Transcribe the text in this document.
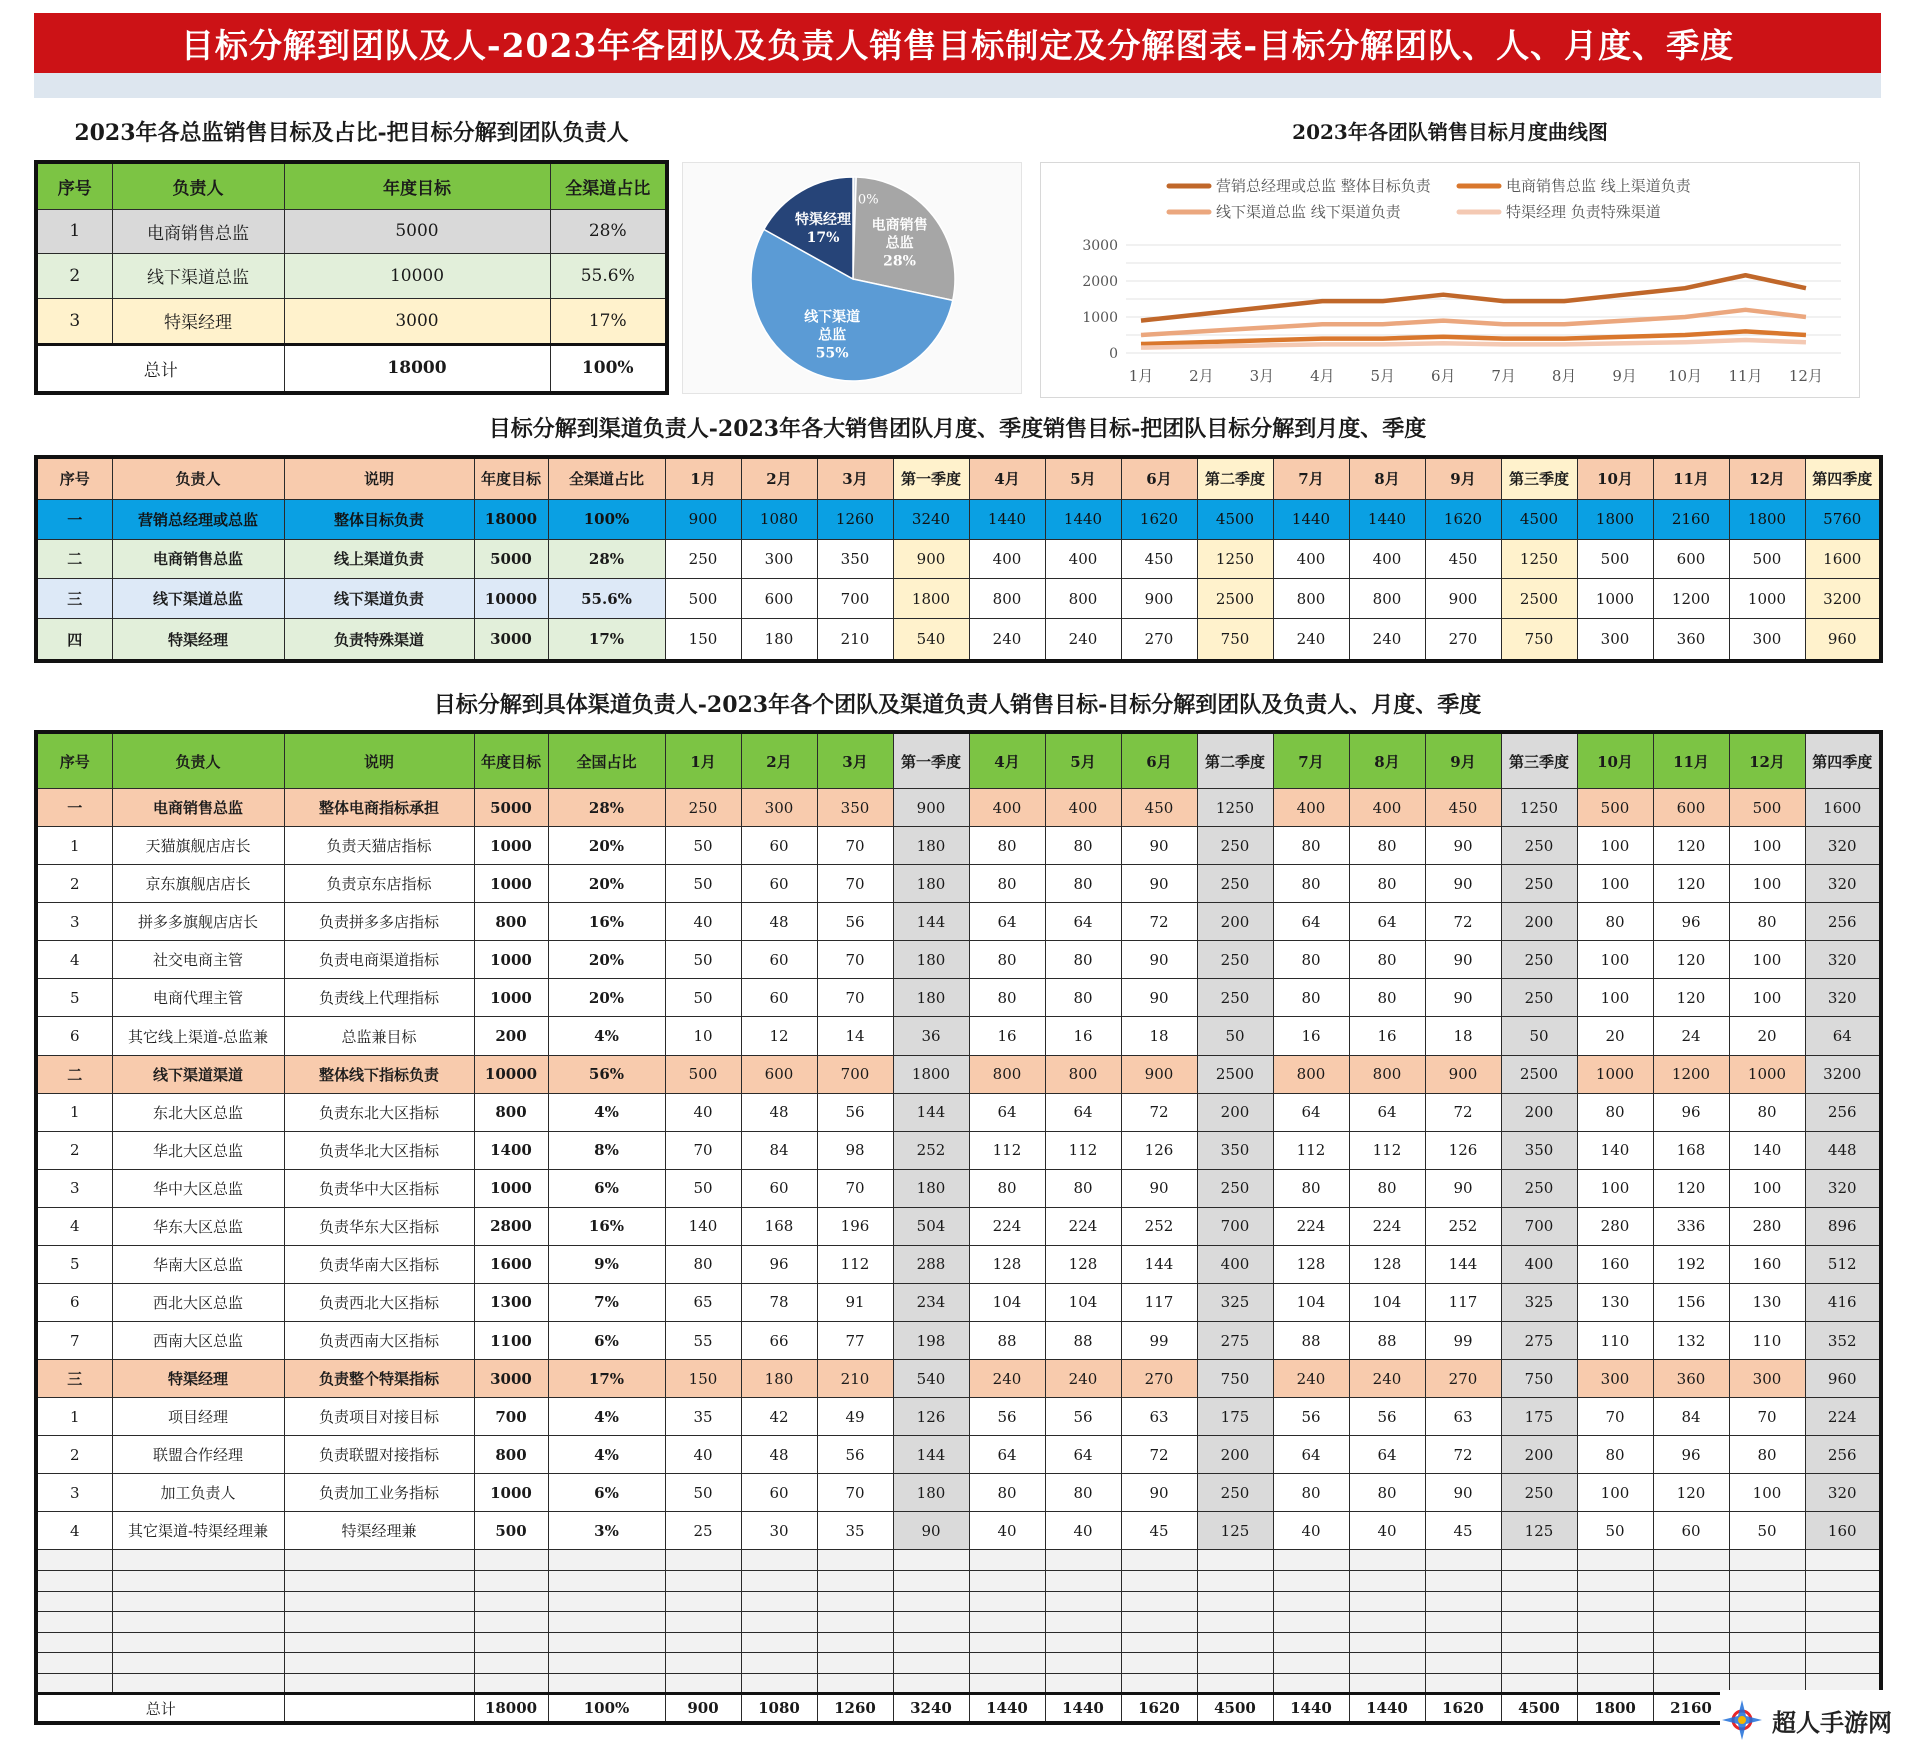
目标分解到团队及人-2023年各团队及负责人销售目标制定及分解图表-目标分解团队、人、月度、季度
2023年各总监销售目标及占比-把目标分解到团队负责人	2023年各团队销售目标月度曲线图
目标分解到渠道负责人-2023年各大销售团队月度、季度销售目标-把团队目标分解到月度、季度
目标分解到具体渠道负责人-2023年各个团队及渠道负责人销售目标-目标分解到团队及负责人、月度、季度
序号	负责人	年度目标	全渠道占比
1	电商销售总监	5000	28%
2	线下渠道总监	10000	55.6%
3	特渠经理	3000	17%
总计		18000	100%
0%
电商销售
总监
28%
线下渠道
总监
55%
特渠经理
17%
0
1000
2000
3000
1月 2月 3月 4月 5月 6月 7月 8月 9月 10月 11月 12月
营销总经理或总监 整体目标负责	电商销售总监 线上渠道负责
线下渠道总监 线下渠道负责	特渠经理 负责特殊渠道
序号	负责人	说明	年度目标	全渠道占比	1月	2月	3月	第一季度	4月	5月	6月	第二季度	7月	8月	9月	第三季度	10月	11月	12月	第四季度
一	营销总经理或总监	整体目标负责	18000	100%	900	1080	1260	3240	1440	1440	1620	4500	1440	1440	1620	4500	1800	2160	1800	5760
二	电商销售总监	线上渠道负责	5000	28%	250	300	350	900	400	400	450	1250	400	400	450	1250	500	600	500	1600
三	线下渠道总监	线下渠道负责	10000	55.6%	500	600	700	1800	800	800	900	2500	800	800	900	2500	1000	1200	1000	3200
四	特渠经理	负责特殊渠道	3000	17%	150	180	210	540	240	240	270	750	240	240	270	750	300	360	300	960
序号	负责人	说明	年度目标	全国占比	1月	2月	3月	第一季度	4月	5月	6月	第二季度	7月	8月	9月	第三季度	10月	11月	12月	第四季度
一	电商销售总监	整体电商指标承担	5000	28%	250	300	350	900	400	400	450	1250	400	400	450	1250	500	600	500	1600
1	天猫旗舰店店长	负责天猫店指标	1000	20%	50	60	70	180	80	80	90	250	80	80	90	250	100	120	100	320
2	京东旗舰店店长	负责京东店指标	1000	20%	50	60	70	180	80	80	90	250	80	80	90	250	100	120	100	320
3	拼多多旗舰店店长	负责拼多多店指标	800	16%	40	48	56	144	64	64	72	200	64	64	72	200	80	96	80	256
4	社交电商主管	负责电商渠道指标	1000	20%	50	60	70	180	80	80	90	250	80	80	90	250	100	120	100	320
5	电商代理主管	负责线上代理指标	1000	20%	50	60	70	180	80	80	90	250	80	80	90	250	100	120	100	320
6	其它线上渠道-总监兼	总监兼目标	200	4%	10	12	14	36	16	16	18	50	16	16	18	50	20	24	20	64
二	线下渠道渠道	整体线下指标负责	10000	56%	500	600	700	1800	800	800	900	2500	800	800	900	2500	1000	1200	1000	3200
1	东北大区总监	负责东北大区指标	800	4%	40	48	56	144	64	64	72	200	64	64	72	200	80	96	80	256
2	华北大区总监	负责华北大区指标	1400	8%	70	84	98	252	112	112	126	350	112	112	126	350	140	168	140	448
3	华中大区总监	负责华中大区指标	1000	6%	50	60	70	180	80	80	90	250	80	80	90	250	100	120	100	320
4	华东大区总监	负责华东大区指标	2800	16%	140	168	196	504	224	224	252	700	224	224	252	700	280	336	280	896
5	华南大区总监	负责华南大区指标	1600	9%	80	96	112	288	128	128	144	400	128	128	144	400	160	192	160	512
6	西北大区总监	负责西北大区指标	1300	7%	65	78	91	234	104	104	117	325	104	104	117	325	130	156	130	416
7	西南大区总监	负责西南大区指标	1100	6%	55	66	77	198	88	88	99	275	88	88	99	275	110	132	110	352
三	特渠经理	负责整个特渠指标	3000	17%	150	180	210	540	240	240	270	750	240	240	270	750	300	360	300	960
1	项目经理	负责项目对接目标	700	4%	35	42	49	126	56	56	63	175	56	56	63	175	70	84	70	224
2	联盟合作经理	负责联盟对接指标	800	4%	40	48	56	144	64	64	72	200	64	64	72	200	80	96	80	256
3	加工负责人	负责加工业务指标	1000	6%	50	60	70	180	80	80	90	250	80	80	90	250	100	120	100	320
4	其它渠道-特渠经理兼	特渠经理兼	500	3%	25	30	35	90	40	40	45	125	40	40	45	125	50	60	50	160

总计			18000	100%	900	1080	1260	3240	1440	1440	1620	4500	1440	1440	1620	4500	1800	2160		
超人手游网
